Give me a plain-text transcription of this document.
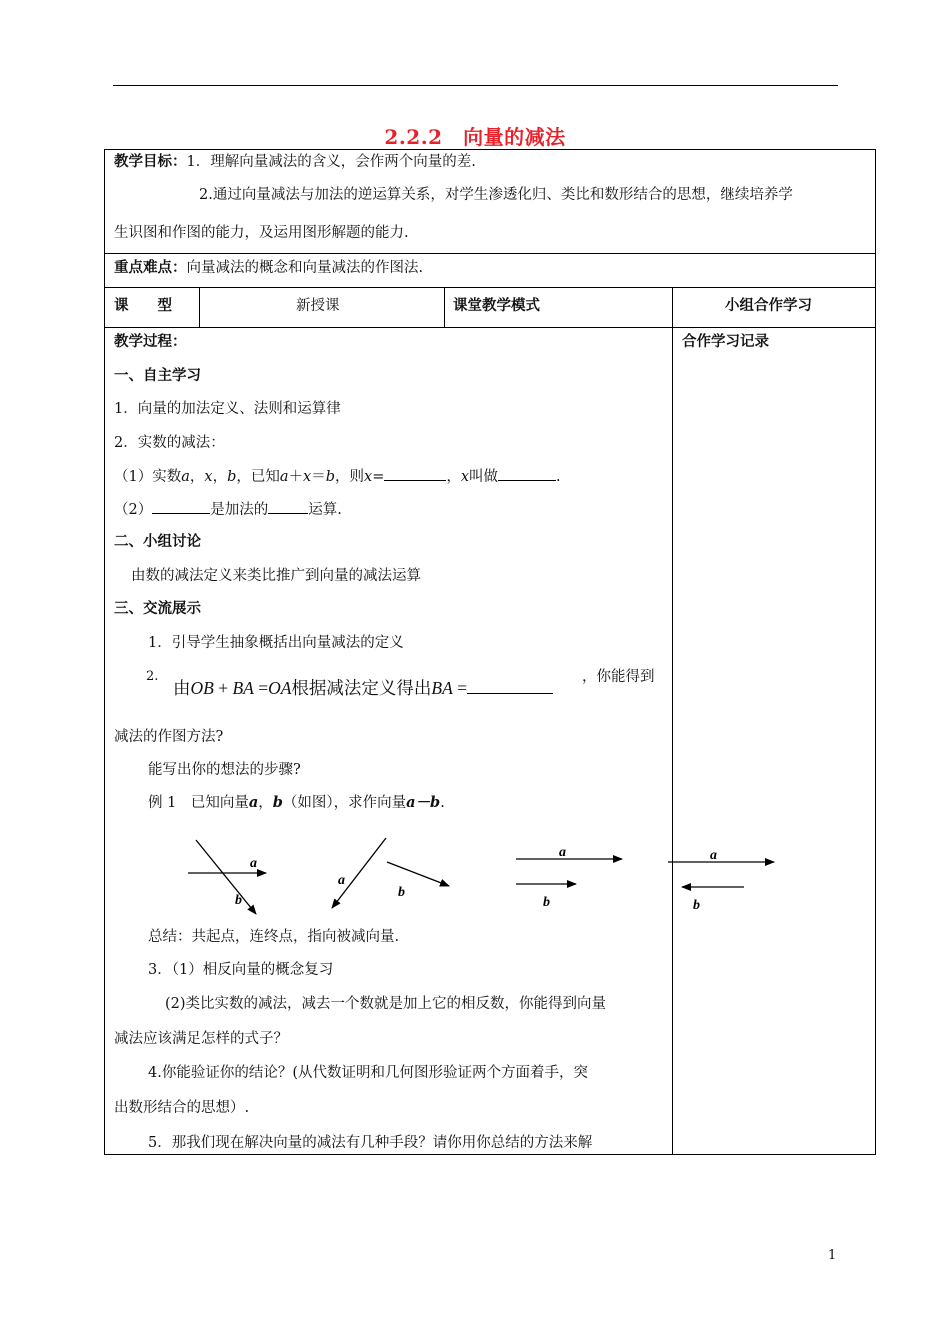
2.2.2　向量的减法
教学目标：1．理解向量减法的含义，会作两个向量的差.
2.通过向量减法与加法的逆运算关系，对学生渗透化归、类比和数形结合的思想，继续培养学
生识图和作图的能力，及运用图形解题的能力.
重点难点：向量减法的概念和向量减法的作图法.
课　　型	新授课	课堂教学模式	小组合作学习
合作学习记录
教学过程：
一、自主学习
1．向量的加法定义、法则和运算律
2．实数的减法：
（1）实数a，x，b，已知a＋x＝b，则x=	，x叫做	.
（2）	是加法的	运算.
二、小组讨论
由数的减法定义来类比推广到向量的减法运算
三、交流展示
1．引导学生抽象概括出向量减法的定义
2.
由OB + BA =OA根据减法定义得出BA =
，你能得到
减法的作图方法?
能写出你的想法的步骤?
例 1　已知向量a，b（如图），求作向量a－b.
a
b
a
b
a
b
a
b
总结：共起点，连终点，指向被减向量.
3．（1）相反向量的概念复习
(2)类比实数的减法，减去一个数就是加上它的相反数，你能得到向量
减法应该满足怎样的式子？
4.你能验证你的结论？(从代数证明和几何图形验证两个方面着手，突
出数形结合的思想）.
5．那我们现在解决向量的减法有几种手段？请你用你总结的方法来解
1
